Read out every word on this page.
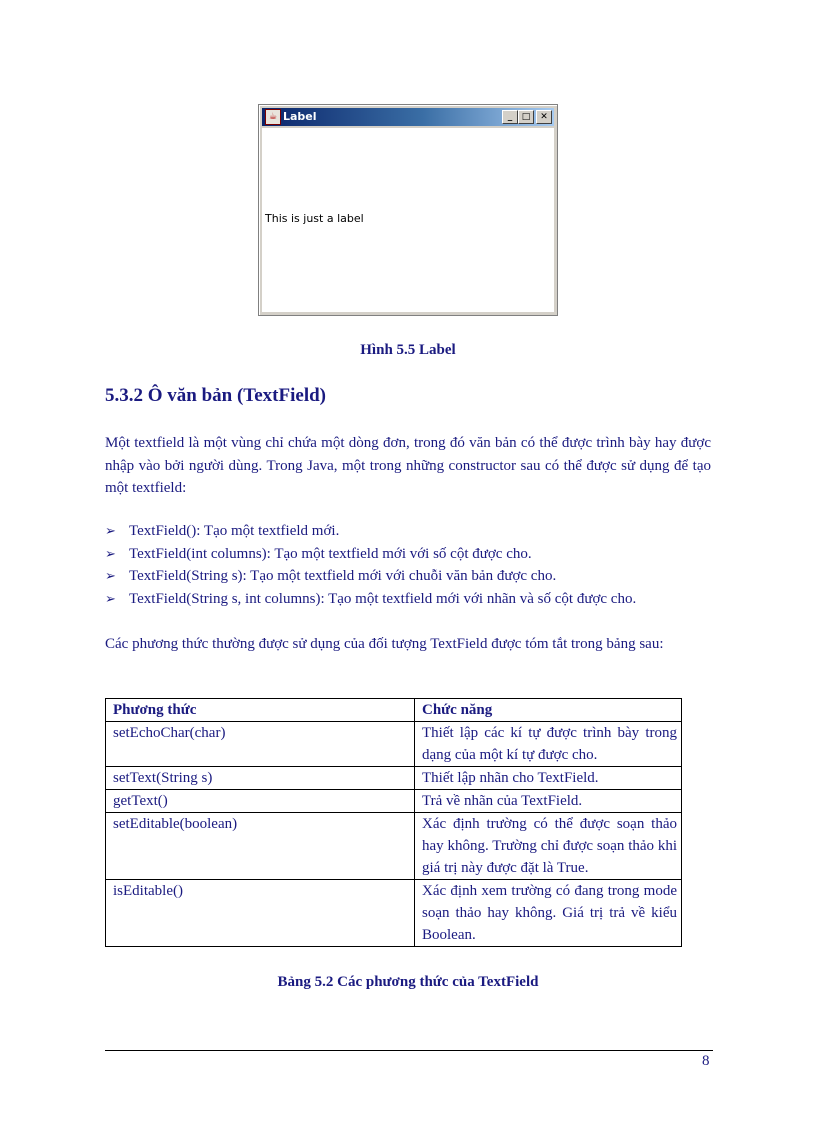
☕ Label	_	□	✕
This is just a label
Hình 5.5 Label
5.3.2 Ô văn bản (TextField)

Một textfield là một vùng chỉ chứa một dòng đơn, trong đó văn bản có thể được trình bày hay được nhập vào bởi người dùng. Trong Java, một trong những constructor sau có thể được sử dụng để tạo một textfield:

➢ TextField(): Tạo một textfield mới.
➢ TextField(int columns): Tạo một textfield mới với số cột được cho.
➢ TextField(String s): Tạo một textfield mới với chuỗi văn bản được cho.
➢ TextField(String s, int columns): Tạo một textfield mới với nhãn và số cột được cho.

Các phương thức thường được sử dụng của đối tượng TextField được tóm tắt trong bảng sau:

Phương thức	Chức năng
setEchoChar(char)	Thiết lập các kí tự được trình bày trong dạng của một kí tự được cho.
setText(String s)	Thiết lập nhãn cho TextField.
getText()	Trả về nhãn của TextField.
setEditable(boolean)	Xác định trường có thể được soạn thảo hay không. Trường chỉ được soạn thảo khi giá trị này được đặt là True.
isEditable()	Xác định xem trường có đang trong mode soạn thảo hay không. Giá trị trả về kiểu Boolean.
Bảng 5.2 Các phương thức của TextField
8
